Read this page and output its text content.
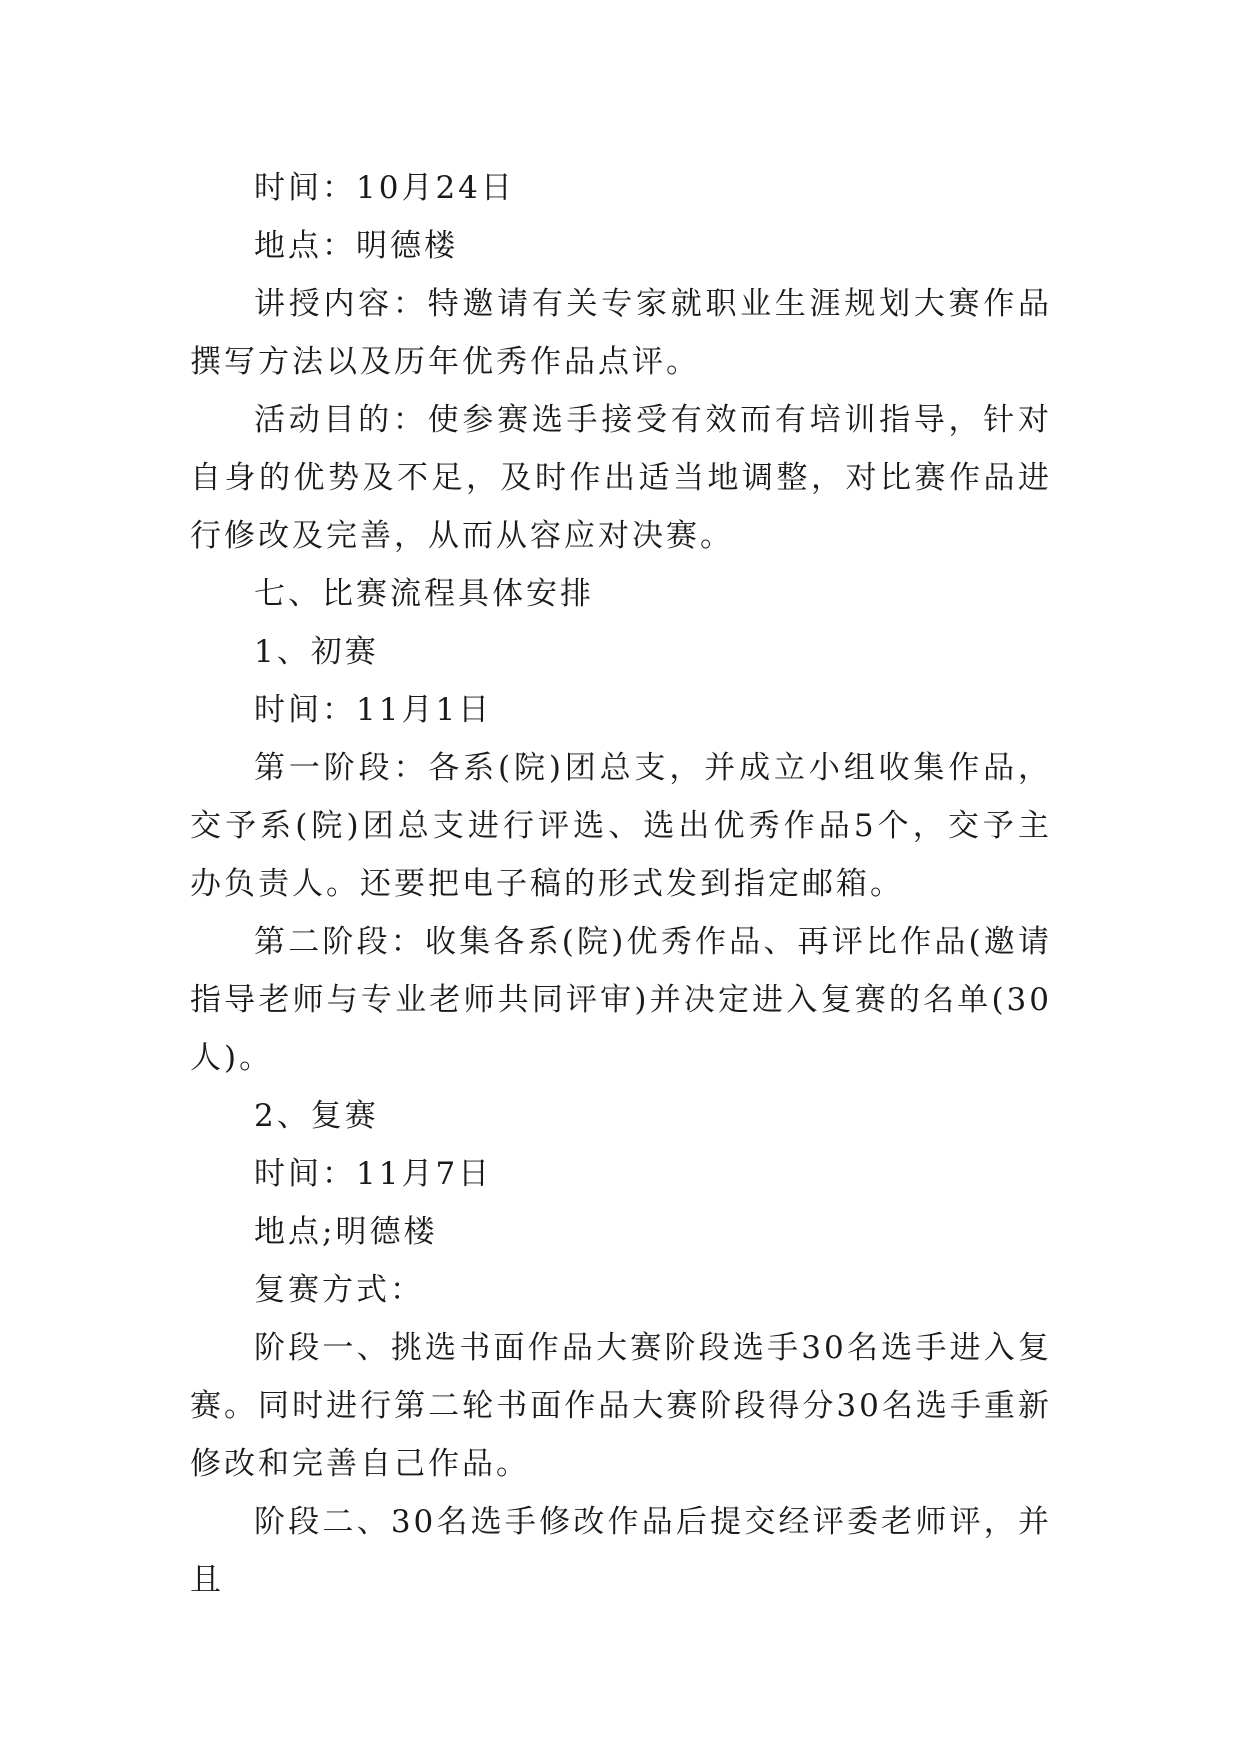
时间：10月24日

地点：明德楼

讲授内容：特邀请有关专家就职业生涯规划大赛作品撰写方法以及历年优秀作品点评。

活动目的：使参赛选手接受有效而有培训指导，针对自身的优势及不足，及时作出适当地调整，对比赛作品进行修改及完善，从而从容应对决赛。

七、比赛流程具体安排

1、初赛

时间：11月1日

第一阶段：各系(院)团总支，并成立小组收集作品，交予系(院)团总支进行评选、选出优秀作品5个，交予主办负责人。还要把电子稿的形式发到指定邮箱。

第二阶段：收集各系(院)优秀作品、再评比作品(邀请指导老师与专业老师共同评审)并决定进入复赛的名单(30人)。

2、复赛

时间：11月7日

地点;明德楼

复赛方式：

阶段一、挑选书面作品大赛阶段选手30名选手进入复赛。同时进行第二轮书面作品大赛阶段得分30名选手重新修改和完善自己作品。

阶段二、30名选手修改作品后提交经评委老师评，并且
